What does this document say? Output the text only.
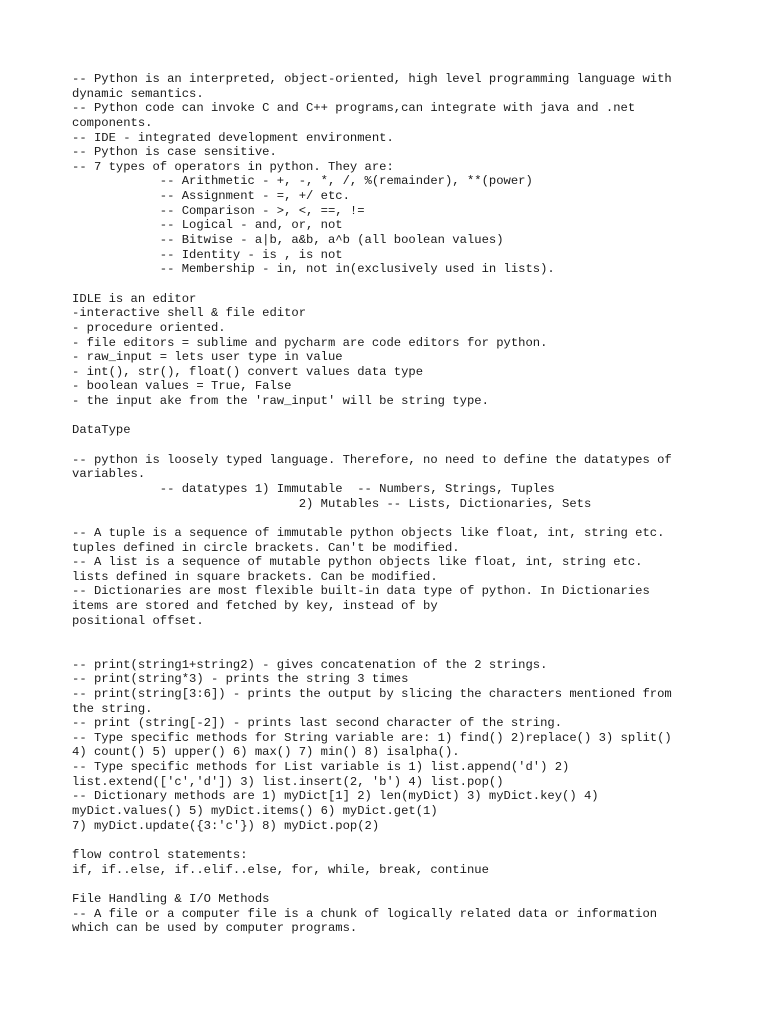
-- Python is an interpreted, object-oriented, high level programming language with
dynamic semantics.
-- Python code can invoke C and C++ programs,can integrate with java and .net
components.
-- IDE - integrated development environment.
-- Python is case sensitive.
-- 7 types of operators in python. They are:
-- Arithmetic - +, -, *, /, %(remainder), **(power)
-- Assignment - =, +/ etc.
-- Comparison - >, <, ==, !=
-- Logical - and, or, not
-- Bitwise - a|b, a&b, a^b (all boolean values)
-- Identity - is , is not
-- Membership - in, not in(exclusively used in lists).
IDLE is an editor
-interactive shell & file editor
- procedure oriented.
- file editors = sublime and pycharm are code editors for python.
- raw_input = lets user type in value
- int(), str(), float() convert values data type
- boolean values = True, False
- the input ake from the 'raw_input' will be string type.
DataType
-- python is loosely typed language. Therefore, no need to define the datatypes of
variables.
-- datatypes 1) Immutable  -- Numbers, Strings, Tuples
2) Mutables -- Lists, Dictionaries, Sets
-- A tuple is a sequence of immutable python objects like float, int, string etc.
tuples defined in circle brackets. Can't be modified.
-- A list is a sequence of mutable python objects like float, int, string etc.
lists defined in square brackets. Can be modified.
-- Dictionaries are most flexible built-in data type of python. In Dictionaries
items are stored and fetched by key, instead of by
positional offset.
-- print(string1+string2) - gives concatenation of the 2 strings.
-- print(string*3) - prints the string 3 times
-- print(string[3:6]) - prints the output by slicing the characters mentioned from
the string.
-- print (string[-2]) - prints last second character of the string.
-- Type specific methods for String variable are: 1) find() 2)replace() 3) split()
4) count() 5) upper() 6) max() 7) min() 8) isalpha().
-- Type specific methods for List variable is 1) list.append('d') 2)
list.extend(['c','d']) 3) list.insert(2, 'b') 4) list.pop()
-- Dictionary methods are 1) myDict[1] 2) len(myDict) 3) myDict.key() 4)
myDict.values() 5) myDict.items() 6) myDict.get(1)
7) myDict.update({3:'c'}) 8) myDict.pop(2)
flow control statements:
if, if..else, if..elif..else, for, while, break, continue
File Handling & I/O Methods
-- A file or a computer file is a chunk of logically related data or information
which can be used by computer programs.
